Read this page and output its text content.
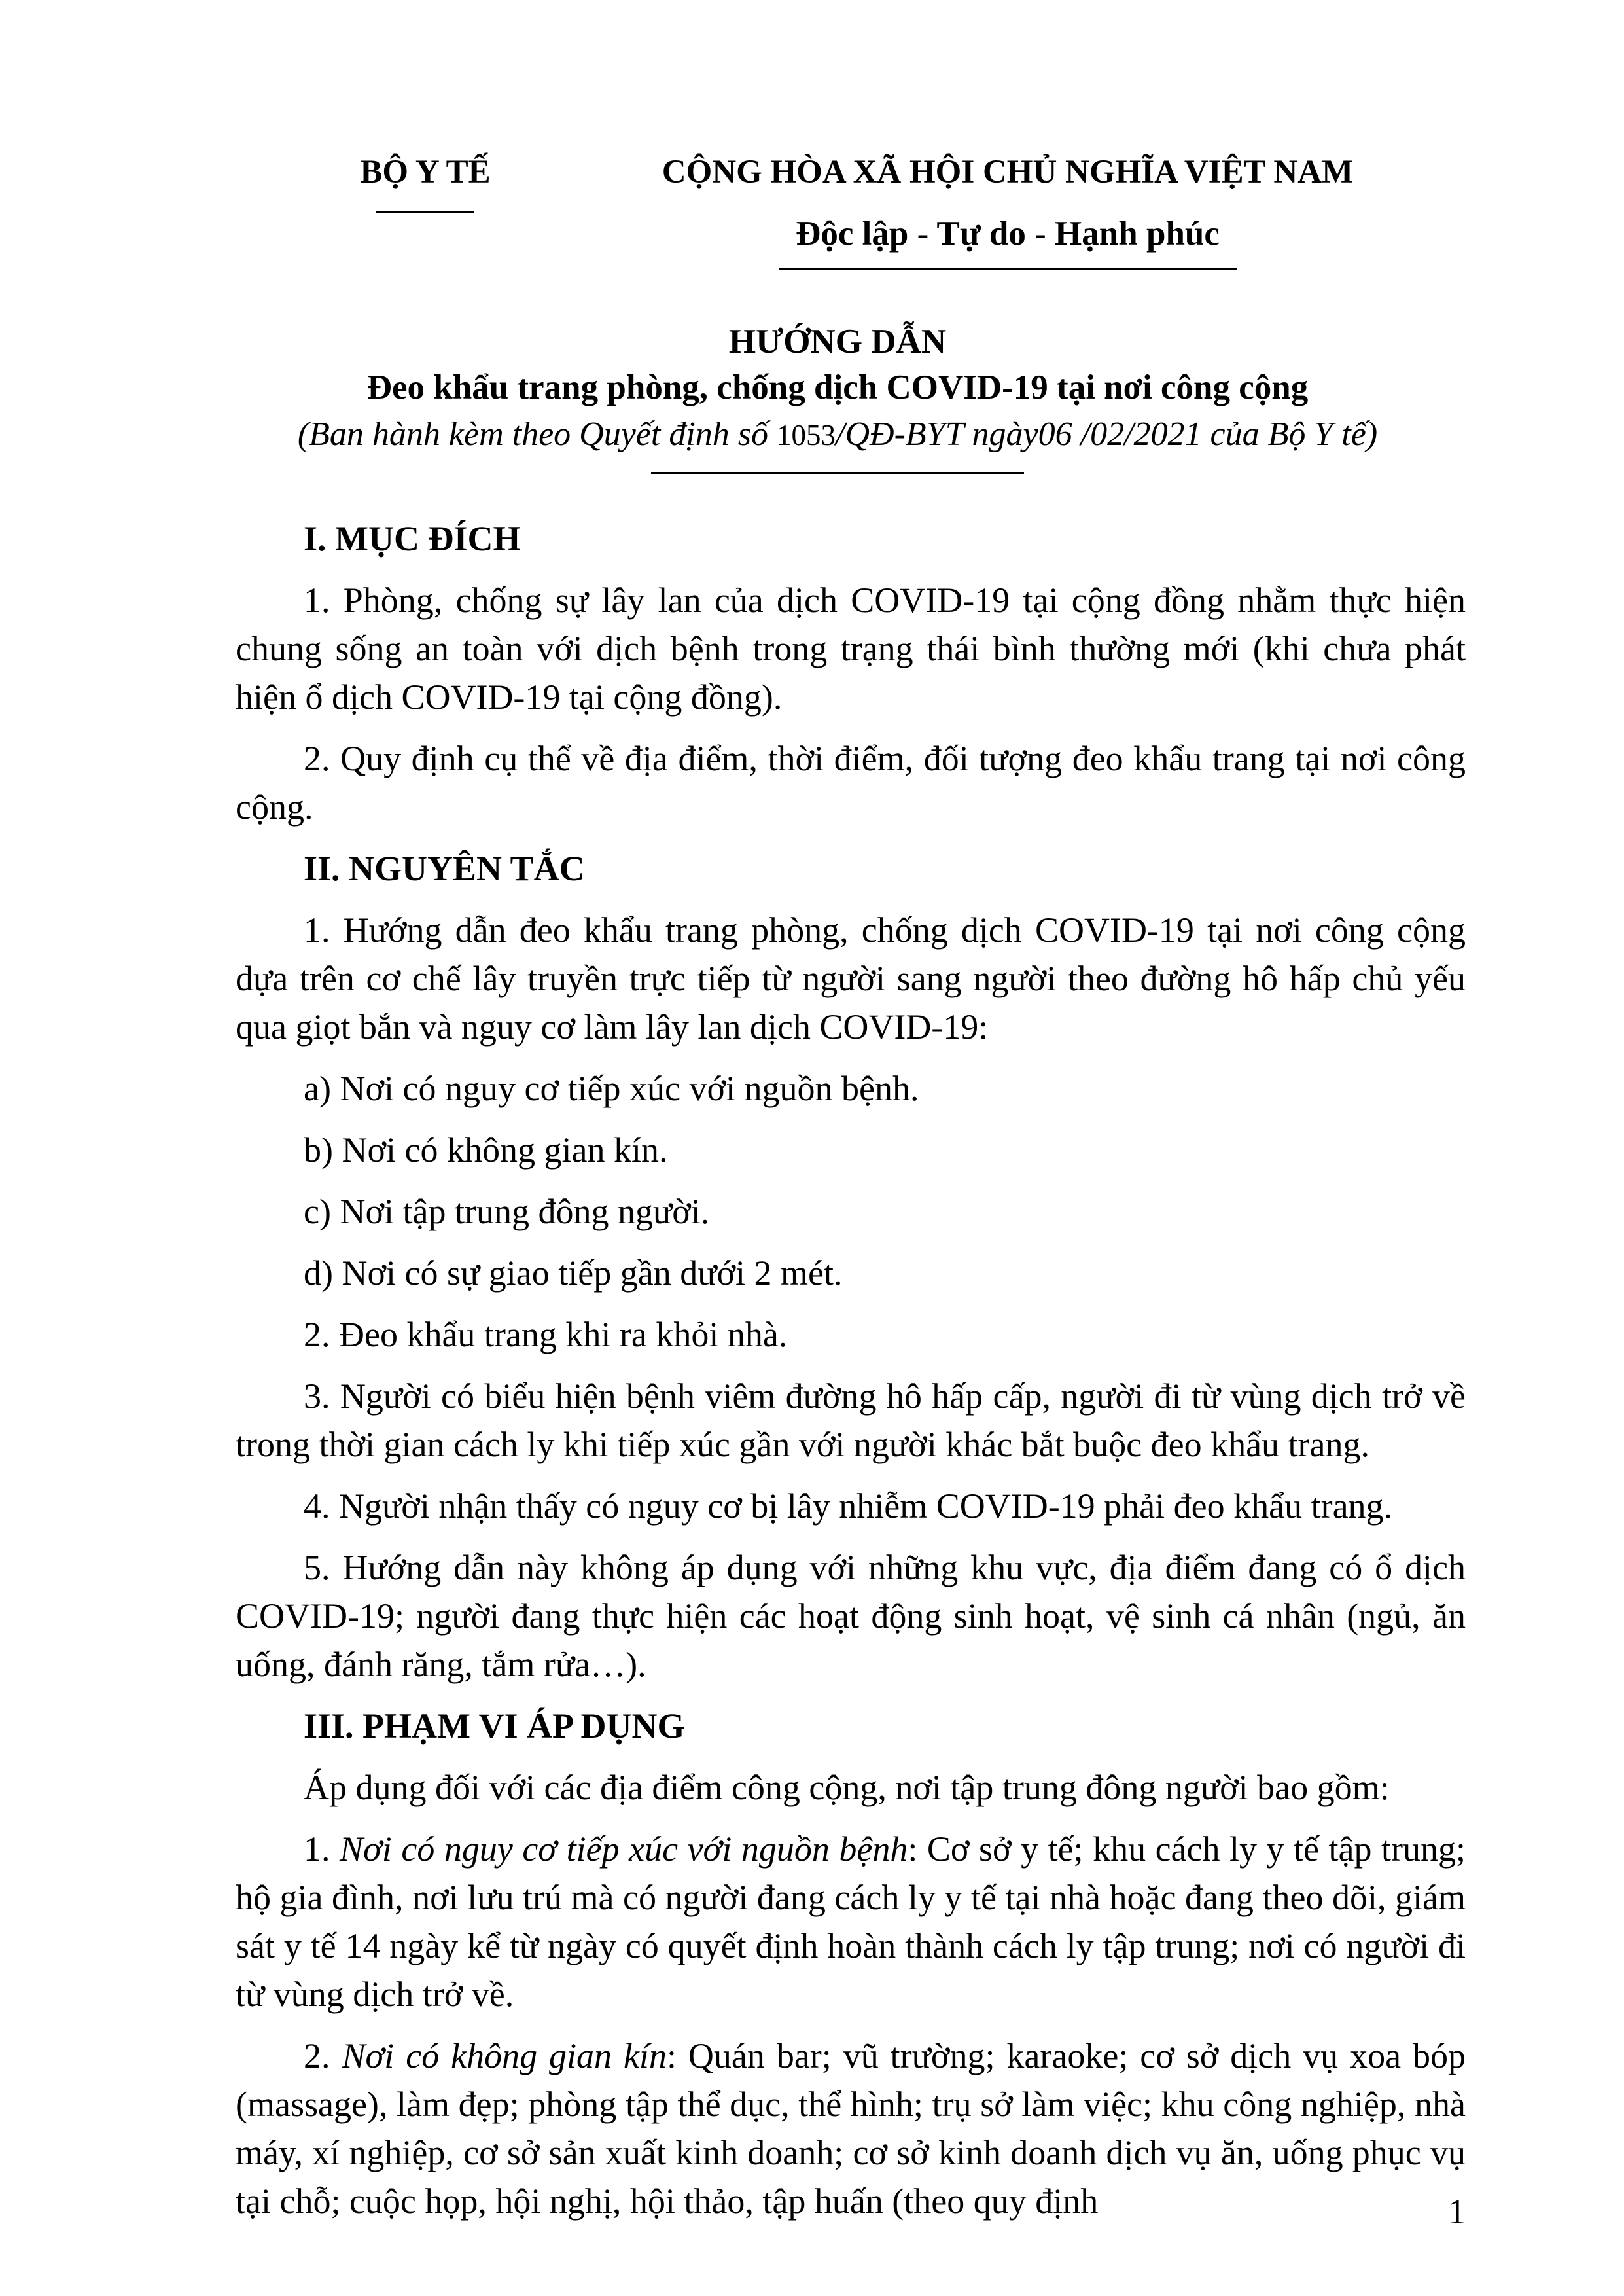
BỘ Y TẾ	CỘNG HÒA XÃ HỘI CHỦ NGHĨA VIỆT NAM
Độc lập - Tự do - Hạnh phúc
HƯỚNG DẪN
Đeo khẩu trang phòng, chống dịch COVID-19 tại nơi công cộng
(Ban hành kèm theo Quyết định số 1053/QĐ-BYT ngày06 /02/2021 của Bộ Y tế)
I. MỤC ĐÍCH

1. Phòng, chống sự lây lan của dịch COVID-19 tại cộng đồng nhằm thực hiện chung sống an toàn với dịch bệnh trong trạng thái bình thường mới (khi chưa phát hiện ổ dịch COVID-19 tại cộng đồng).

2. Quy định cụ thể về địa điểm, thời điểm, đối tượng đeo khẩu trang tại nơi công cộng.

II. NGUYÊN TẮC

1. Hướng dẫn đeo khẩu trang phòng, chống dịch COVID-19 tại nơi công cộng dựa trên cơ chế lây truyền trực tiếp từ người sang người theo đường hô hấp chủ yếu qua giọt bắn và nguy cơ làm lây lan dịch COVID-19:

a) Nơi có nguy cơ tiếp xúc với nguồn bệnh.

b) Nơi có không gian kín.

c) Nơi tập trung đông người.

d) Nơi có sự giao tiếp gần dưới 2 mét.

2. Đeo khẩu trang khi ra khỏi nhà.

3. Người có biểu hiện bệnh viêm đường hô hấp cấp, người đi từ vùng dịch trở về trong thời gian cách ly khi tiếp xúc gần với người khác bắt buộc đeo khẩu trang.

4. Người nhận thấy có nguy cơ bị lây nhiễm COVID-19 phải đeo khẩu trang.

5. Hướng dẫn này không áp dụng với những khu vực, địa điểm đang có ổ dịch COVID-19; người đang thực hiện các hoạt động sinh hoạt, vệ sinh cá nhân (ngủ, ăn uống, đánh răng, tắm rửa…).

III. PHẠM VI ÁP DỤNG

Áp dụng đối với các địa điểm công cộng, nơi tập trung đông người bao gồm:

1. Nơi có nguy cơ tiếp xúc với nguồn bệnh: Cơ sở y tế; khu cách ly y tế tập trung; hộ gia đình, nơi lưu trú mà có người đang cách ly y tế tại nhà hoặc đang theo dõi, giám sát y tế 14 ngày kể từ ngày có quyết định hoàn thành cách ly tập trung; nơi có người đi từ vùng dịch trở về.

2. Nơi có không gian kín: Quán bar; vũ trường; karaoke; cơ sở dịch vụ xoa bóp (massage), làm đẹp; phòng tập thể dục, thể hình; trụ sở làm việc; khu công nghiệp, nhà máy, xí nghiệp, cơ sở sản xuất kinh doanh; cơ sở kinh doanh dịch vụ ăn, uống phục vụ tại chỗ; cuộc họp, hội nghị, hội thảo, tập huấn (theo quy định	1
